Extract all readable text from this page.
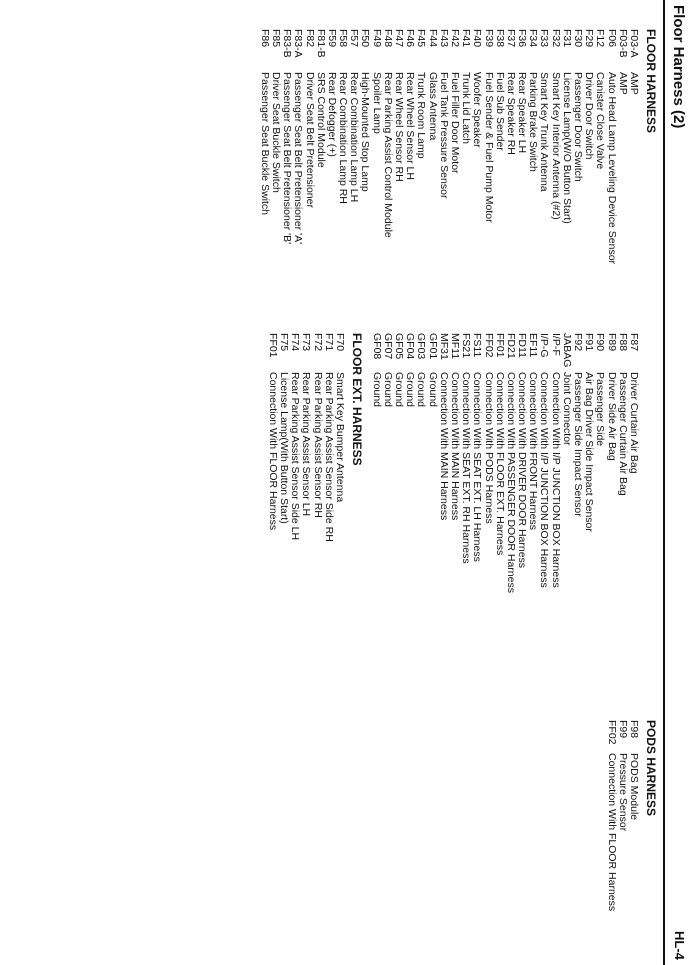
Floor Harness (2)
HL-4
FLOOR HARNESS
F03-A
AMP
F03-B
AMP
F06
Auto Head Lamp Leveling Device Sensor
F12
Canister Close Valve
F29
Driver Door Switch
F30
Passenger Door Switch
F31
License Lamp(W/O Button Start)
F32
Smart Key Interior Antenna (#2)
F33
Smart Key Trunk Antenna
F34
Parking Brake Switch
F36
Rear Speaker LH
F37
Rear Speaker RH
F38
Fuel Sub Sender
F39
Fuel Sender & Fuel Pump Motor
F40
Woofer Speaker
F41
Trunk Lid Latch
F42
Fuel Filler Door Motor
F43
Fuel Tank Pressure Sensor
F44
Glass Antenna
F45
Trunk Room Lamp
F46
Rear Wheel Sensor LH
F47
Rear Wheel Sensor RH
F48
Rear Parking Assist Control Module
F49
Spoiler Lamp
F50
High-Mounted Stop Lamp
F57
Rear Combination Lamp LH
F58
Rear Combination Lamp RH
F59
Rear Defogger (+)
F81-B
SRS Control Module
F82
Driver Seat Belt Pretensioner
F83-A
Passenger Seat Belt Pretensioner 'A'
F83-B
Passenger Seat Belt Pretensioner 'B'
F85
Driver Seat Buckle Switch
F86
Passenger Seat Buckle Switch
F87
Driver Curtain Air Bag
F88
Passenger Curtain Air Bag
F89
Driver Side Air Bag
F90
Passenger Side
F91
Air Bag Driver Side Impact Sensor
F92
Passenger Side Impact Sensor
JABAG
Joint Connector
I/P-F
Connection With I/P JUNCTION BOX Harness
I/P-G
Connection With I/P JUNCTION BOX Harness
EF11
Connection With FRONT Harness
FD11
Connection With DRIVER DOOR Harness
FD21
Connection With PASSENGER DOOR Harness
FF01
Connection With FLOOR EXT. Harness
FF02
Connection With PODS Harness
FS11
Connection With SEAT EXT. LH Harness
FS21
Connection With SEAT EXT. RH Harness
MF11
Connection With MAIN Harness
MF31
Connection With MAIN Harness
GF01
Ground
GF03
Ground
GF04
Ground
GF05
Ground
GF07
Ground
GF08
Ground
FLOOR EXT. HARNESS
F70
Smart Key Bumper Antenna
F71
Rear Parking Assist Sensor Side RH
F72
Rear Parking Assist Sensor RH
F73
Rear Parking Assist Sensor LH
F74
Rear Parking Assist Sensor Side LH
F75
License Lamp(With Button Start)
FF01
Connection With FLOOR Harness
PODS HARNESS
F98
PODS Module
F99
Pressure Sensor
FF02
Connection With FLOOR Harness
